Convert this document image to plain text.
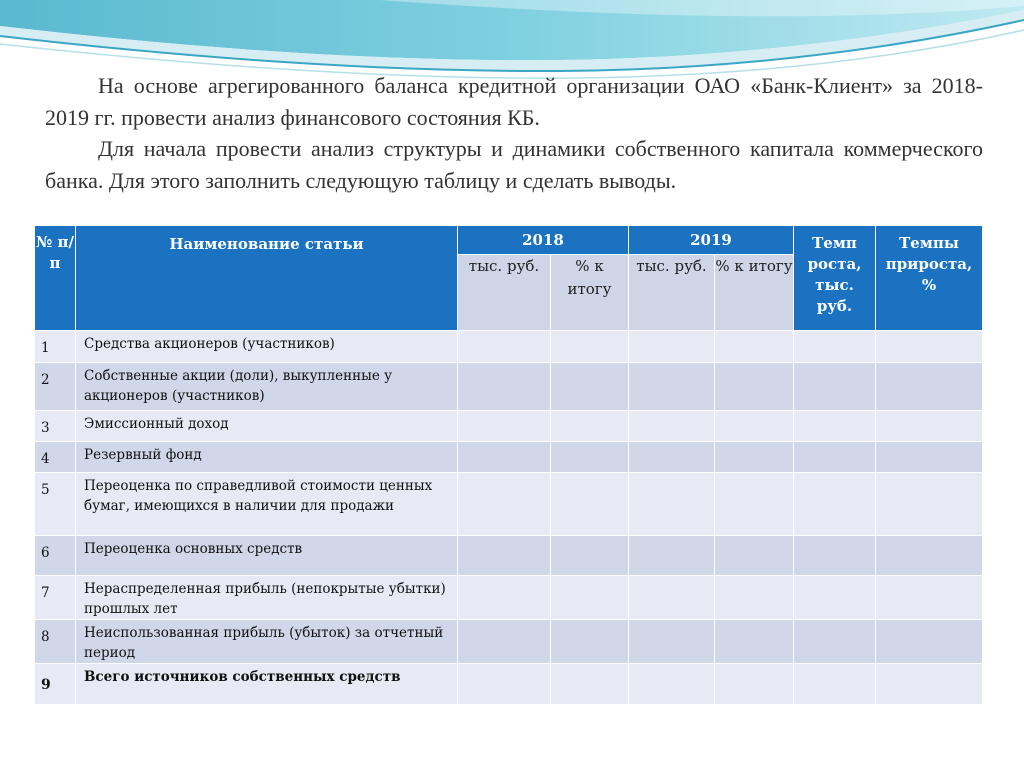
На основе агрегированного баланса кредитной организации ОАО «Банк-Клиент» за 2018-2019 гг. провести анализ финансового состояния КБ.

Для начала провести анализ структуры и динамики собственного капитала коммерческого банка. Для этого заполнить следующую таблицу и сделать выводы.

№ п/п	Наименование статьи	2018		2019		Темп роста, тыс. руб.	Темпы прироста, %
		тыс. руб.	% к итогу	тыс. руб.	% к итогу		
1	Средства акционеров (участников)						
2	Собственные акции (доли), выкупленные у акционеров (участников)						
3	Эмиссионный доход						
4	Резервный фонд						
5	Переоценка по справедливой стоимости ценных бумаг, имеющихся в наличии для продажи						
6	Переоценка основных средств						
7	Нераспределенная прибыль (непокрытые убытки) прошлых лет						
8	Неиспользованная прибыль (убыток) за отчетный период						
9	Всего источников собственных средств						
